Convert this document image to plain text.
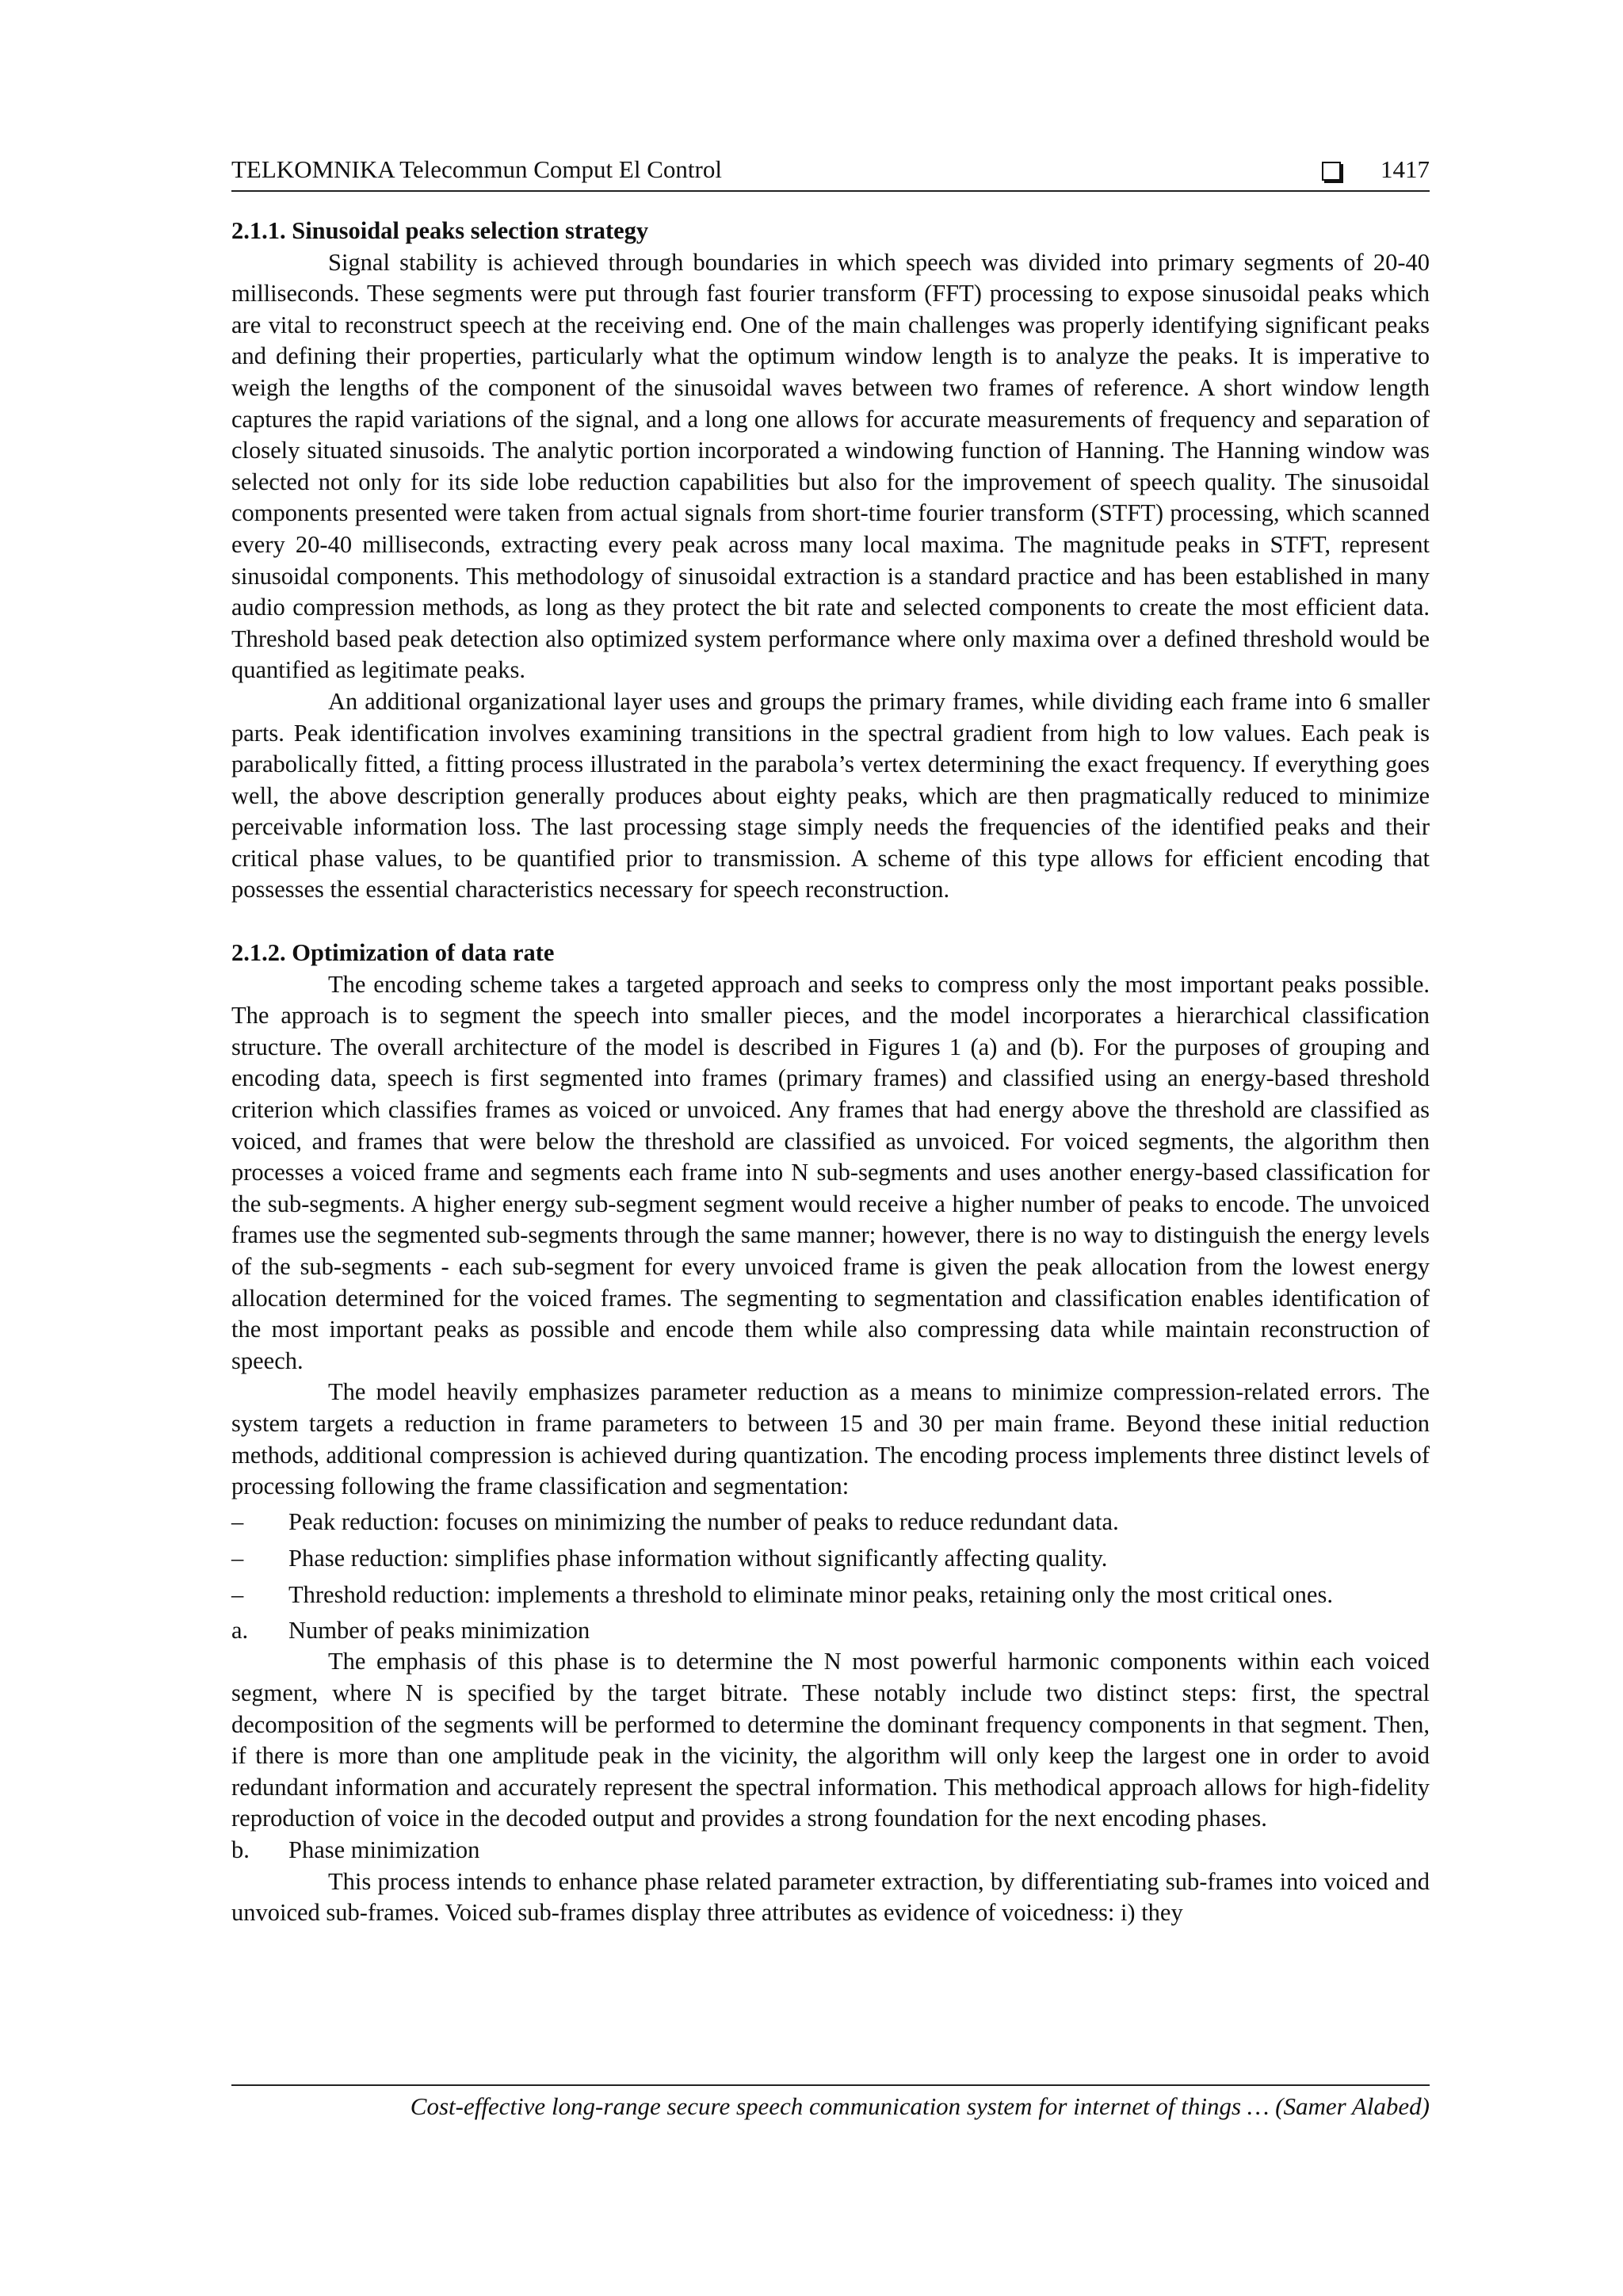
TELKOMNIKA Telecommun Comput El Control	1417

2.1.1. Sinusoidal peaks selection strategy

Signal stability is achieved through boundaries in which speech was divided into primary segments of 20-40 milliseconds. These segments were put through fast fourier transform (FFT) processing to expose sinusoidal peaks which are vital to reconstruct speech at the receiving end. One of the main challenges was properly identifying significant peaks and defining their properties, particularly what the optimum window length is to analyze the peaks. It is imperative to weigh the lengths of the component of the sinusoidal waves between two frames of reference. A short window length captures the rapid variations of the signal, and a long one allows for accurate measurements of frequency and separation of closely situated sinusoids. The analytic portion incorporated a windowing function of Hanning. The Hanning window was selected not only for its side lobe reduction capabilities but also for the improvement of speech quality. The sinusoidal components presented were taken from actual signals from short-time fourier transform (STFT) processing, which scanned every 20-40 milliseconds, extracting every peak across many local maxima. The magnitude peaks in STFT, represent sinusoidal components. This methodology of sinusoidal extraction is a standard practice and has been established in many audio compression methods, as long as they protect the bit rate and selected components to create the most efficient data. Threshold based peak detection also optimized system performance where only maxima over a defined threshold would be quantified as legitimate peaks.

An additional organizational layer uses and groups the primary frames, while dividing each frame into 6 smaller parts. Peak identification involves examining transitions in the spectral gradient from high to low values. Each peak is parabolically fitted, a fitting process illustrated in the parabola’s vertex determining the exact frequency. If everything goes well, the above description generally produces about eighty peaks, which are then pragmatically reduced to minimize perceivable information loss. The last processing stage simply needs the frequencies of the identified peaks and their critical phase values, to be quantified prior to transmission. A scheme of this type allows for efficient encoding that possesses the essential characteristics necessary for speech reconstruction.

2.1.2. Optimization of data rate

The encoding scheme takes a targeted approach and seeks to compress only the most important peaks possible. The approach is to segment the speech into smaller pieces, and the model incorporates a hierarchical classification structure. The overall architecture of the model is described in Figures 1 (a) and (b). For the purposes of grouping and encoding data, speech is first segmented into frames (primary frames) and classified using an energy-based threshold criterion which classifies frames as voiced or unvoiced. Any frames that had energy above the threshold are classified as voiced, and frames that were below the threshold are classified as unvoiced. For voiced segments, the algorithm then processes a voiced frame and segments each frame into N sub-segments and uses another energy-based classification for the sub-segments. A higher energy sub-segment segment would receive a higher number of peaks to encode. The unvoiced frames use the segmented sub-segments through the same manner; however, there is no way to distinguish the energy levels of the sub-segments - each sub-segment for every unvoiced frame is given the peak allocation from the lowest energy allocation determined for the voiced frames. The segmenting to segmentation and classification enables identification of the most important peaks as possible and encode them while also compressing data while maintain reconstruction of speech.

The model heavily emphasizes parameter reduction as a means to minimize compression-related errors. The system targets a reduction in frame parameters to between 15 and 30 per main frame. Beyond these initial reduction methods, additional compression is achieved during quantization. The encoding process implements three distinct levels of processing following the frame classification and segmentation:

– Peak reduction: focuses on minimizing the number of peaks to reduce redundant data.
– Phase reduction: simplifies phase information without significantly affecting quality.
– Threshold reduction: implements a threshold to eliminate minor peaks, retaining only the most critical ones.

a. Number of peaks minimization

The emphasis of this phase is to determine the N most powerful harmonic components within each voiced segment, where N is specified by the target bitrate. These notably include two distinct steps: first, the spectral decomposition of the segments will be performed to determine the dominant frequency components in that segment. Then, if there is more than one amplitude peak in the vicinity, the algorithm will only keep the largest one in order to avoid redundant information and accurately represent the spectral information. This methodical approach allows for high-fidelity reproduction of voice in the decoded output and provides a strong foundation for the next encoding phases.

b. Phase minimization

This process intends to enhance phase related parameter extraction, by differentiating sub-frames into voiced and unvoiced sub-frames. Voiced sub-frames display three attributes as evidence of voicedness: i) they

Cost-effective long-range secure speech communication system for internet of things … (Samer Alabed)
